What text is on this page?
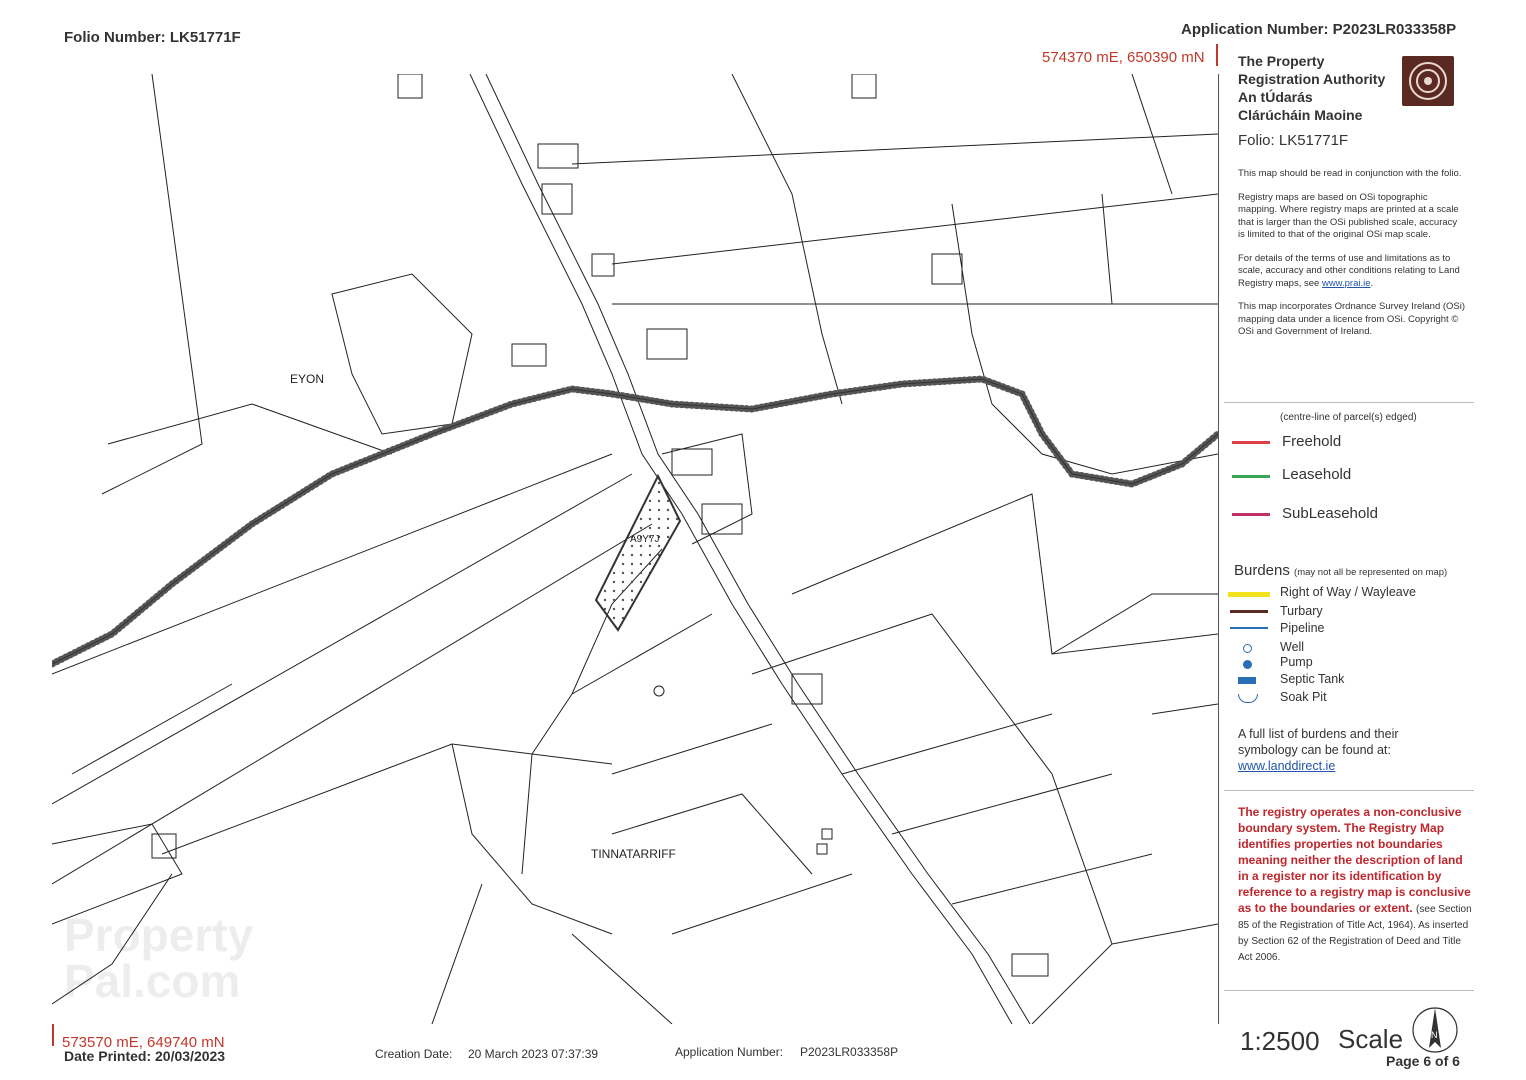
Folio Number: LK51771F	Application Number: P2023LR033358P
574370 mE, 650390 mN
A9Y7J
EYON
TINNATARRIFF
Property
Pal.com
573570 mE, 649740 mN
The Property
Registration Authority
An tÚdarás
Clárúcháin Maoine
Folio: LK51771F

This map should be read in conjunction with the folio.

Registry maps are based on OSi topographic mapping. Where registry maps are printed at a scale that is larger than the OSi published scale, accuracy is limited to that of the original OSi map scale.

For details of the terms of use and limitations as to scale, accuracy and other conditions relating to Land Registry maps, see www.prai.ie.

This map incorporates Ordnance Survey Ireland (OSi) mapping data under a licence from OSi. Copyright © OSi and Government of Ireland.

(centre-line of parcel(s) edged)
Freehold
Leasehold
SubLeasehold
Burdens (may not all be represented on map)
Right of Way / Wayleave
Turbary
Pipeline
Well
Pump
Septic Tank
Soak Pit
A full list of burdens and their symbology can be found at:
www.landdirect.ie
The registry operates a non-conclusive boundary system. The Registry Map identifies properties not boundaries meaning neither the description of land in a register nor its identification by reference to a registry map is conclusive as to the boundaries or extent. (see Section 85 of the Registration of Title Act, 1964). As inserted by Section 62 of the Registration of Deed and Title Act 2006.
1:2500 Scale	N
Page 6 of 6
Date Printed: 20/03/2023	Creation Date: 20 March 2023 07:37:39	Application Number: P2023LR033358P
